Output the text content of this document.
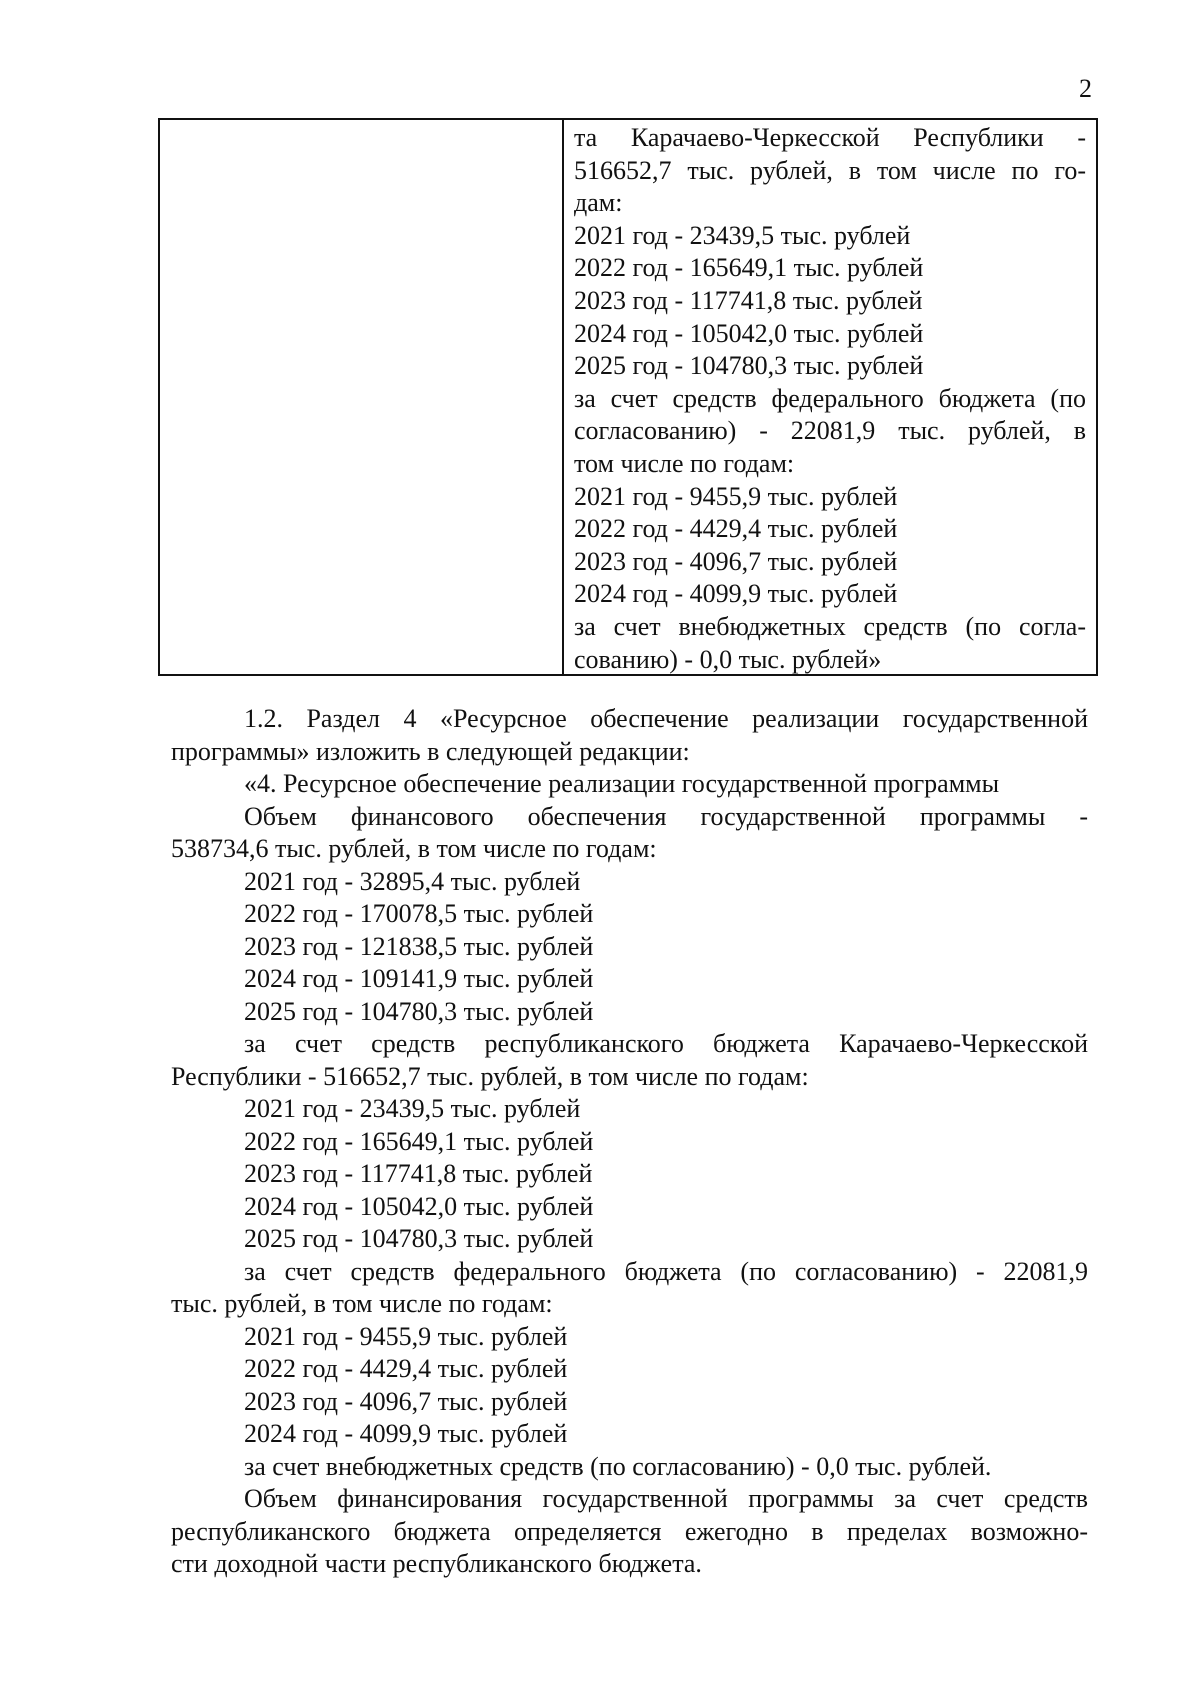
2
та Карачаево-Черкесской Республики -
516652,7 тыс. рублей, в том числе по го-
дам:
2021 год - 23439,5 тыс. рублей
2022 год - 165649,1 тыс. рублей
2023 год - 117741,8 тыс. рублей
2024 год - 105042,0 тыс. рублей
2025 год - 104780,3 тыс. рублей
за счет средств федерального бюджета (по
согласованию) - 22081,9 тыс. рублей, в
том числе по годам:
2021 год - 9455,9 тыс. рублей
2022 год - 4429,4 тыс. рублей
2023 год - 4096,7 тыс. рублей
2024 год - 4099,9 тыс. рублей
за счет внебюджетных средств (по согла-
сованию) - 0,0 тыс. рублей»
1.2. Раздел 4 «Ресурсное обеспечение реализации государственной
программы» изложить в следующей редакции:
«4. Ресурсное обеспечение реализации государственной программы
Объем финансового обеспечения государственной программы -
538734,6 тыс. рублей, в том числе по годам:
2021 год - 32895,4 тыс. рублей
2022 год - 170078,5 тыс. рублей
2023 год - 121838,5 тыс. рублей
2024 год - 109141,9 тыс. рублей
2025 год - 104780,3 тыс. рублей
за счет средств республиканского бюджета Карачаево-Черкесской
Республики - 516652,7 тыс. рублей, в том числе по годам:
2021 год - 23439,5 тыс. рублей
2022 год - 165649,1 тыс. рублей
2023 год - 117741,8 тыс. рублей
2024 год - 105042,0 тыс. рублей
2025 год - 104780,3 тыс. рублей
за счет средств федерального бюджета (по согласованию) - 22081,9
тыс. рублей, в том числе по годам:
2021 год - 9455,9 тыс. рублей
2022 год - 4429,4 тыс. рублей
2023 год - 4096,7 тыс. рублей
2024 год - 4099,9 тыс. рублей
за счет внебюджетных средств (по согласованию) - 0,0 тыс. рублей.
Объем финансирования государственной программы за счет средств
республиканского бюджета определяется ежегодно в пределах возможно-
сти доходной части республиканского бюджета.
